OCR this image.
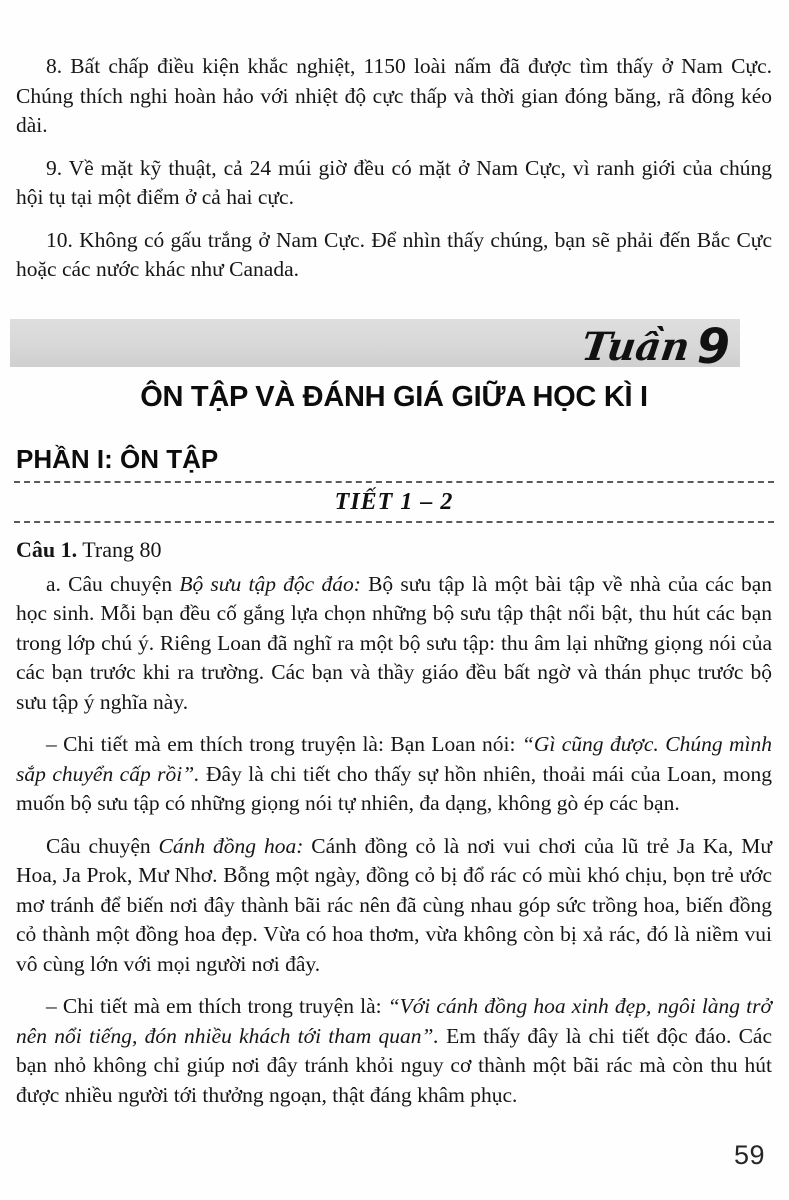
8. Bất chấp điều kiện khắc nghiệt, 1150 loài nấm đã được tìm thấy ở Nam Cực. Chúng thích nghi hoàn hảo với nhiệt độ cực thấp và thời gian đóng băng, rã đông kéo dài.

9. Về mặt kỹ thuật, cả 24 múi giờ đều có mặt ở Nam Cực, vì ranh giới của chúng hội tụ tại một điểm ở cả hai cực.

10. Không có gấu trắng ở Nam Cực. Để nhìn thấy chúng, bạn sẽ phải đến Bắc Cực hoặc các nước khác như Canada.

Tuần 9
ÔN TẬP VÀ ĐÁNH GIÁ GIỮA HỌC KÌ I
PHẦN I: ÔN TẬP
TIẾT 1 – 2

Câu 1. Trang 80

a. Câu chuyện Bộ sưu tập độc đáo: Bộ sưu tập là một bài tập về nhà của các bạn học sinh. Mỗi bạn đều cố gắng lựa chọn những bộ sưu tập thật nổi bật, thu hút các bạn trong lớp chú ý. Riêng Loan đã nghĩ ra một bộ sưu tập: thu âm lại những giọng nói của các bạn trước khi ra trường. Các bạn và thầy giáo đều bất ngờ và thán phục trước bộ sưu tập ý nghĩa này.

– Chi tiết mà em thích trong truyện là: Bạn Loan nói: “Gì cũng được. Chúng mình sắp chuyển cấp rồi”. Đây là chi tiết cho thấy sự hồn nhiên, thoải mái của Loan, mong muốn bộ sưu tập có những giọng nói tự nhiên, đa dạng, không gò ép các bạn.

Câu chuyện Cánh đồng hoa: Cánh đồng cỏ là nơi vui chơi của lũ trẻ Ja Ka, Mư Hoa, Ja Prok, Mư Nhơ. Bỗng một ngày, đồng cỏ bị đổ rác có mùi khó chịu, bọn trẻ ước mơ tránh để biến nơi đây thành bãi rác nên đã cùng nhau góp sức trồng hoa, biến đồng cỏ thành một đồng hoa đẹp. Vừa có hoa thơm, vừa không còn bị xả rác, đó là niềm vui vô cùng lớn với mọi người nơi đây.

– Chi tiết mà em thích trong truyện là: “Với cánh đồng hoa xinh đẹp, ngôi làng trở nên nổi tiếng, đón nhiều khách tới tham quan”. Em thấy đây là chi tiết độc đáo. Các bạn nhỏ không chỉ giúp nơi đây tránh khỏi nguy cơ thành một bãi rác mà còn thu hút được nhiều người tới thưởng ngoạn, thật đáng khâm phục.

59
